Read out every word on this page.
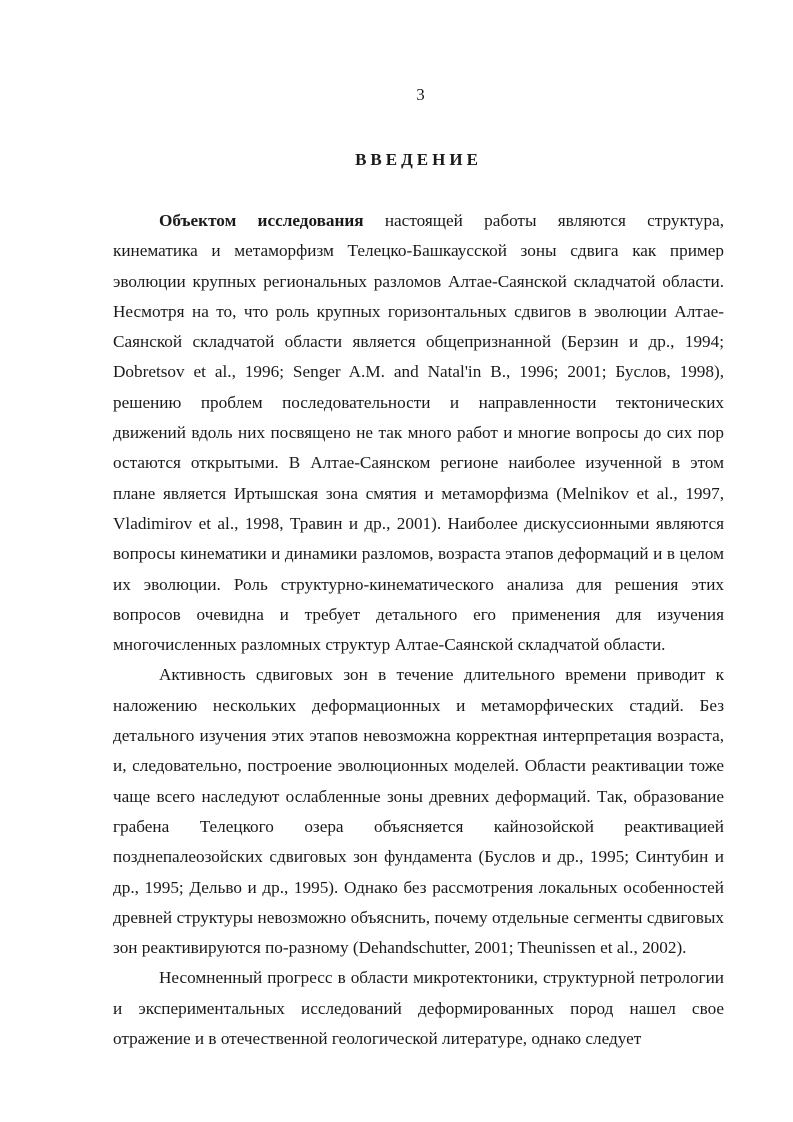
3
ВВЕДЕНИЕ

Объектом исследования настоящей работы являются структура, кинематика и метаморфизм Телецко-Башкаусской зоны сдвига как пример эволюции крупных региональных разломов Алтае-Саянской складчатой области. Несмотря на то, что роль крупных горизонтальных сдвигов в эволюции Алтае-Саянской складчатой области является общепризнанной (Берзин и др., 1994; Dobretsov et al., 1996; Senger A.M. and Natal'in B., 1996; 2001; Буслов, 1998), решению проблем последовательности и направленности тектонических движений вдоль них посвящено не так много работ и многие вопросы до сих пор остаются открытыми. В Алтае-Саянском регионе наиболее изученной в этом плане является Иртышская зона смятия и метаморфизма (Melnikov et al., 1997, Vladimirov et al., 1998, Травин и др., 2001). Наиболее дискуссионными являются вопросы кинематики и динамики разломов, возраста этапов деформаций и в целом их эволюции. Роль структурно-кинематического анализа для решения этих вопросов очевидна и требует детального его применения для изучения многочисленных разломных структур Алтае-Саянской складчатой области.

Активность сдвиговых зон в течение длительного времени приводит к наложению нескольких деформационных и метаморфических стадий. Без детального изучения этих этапов невозможна корректная интерпретация возраста, и, следовательно, построение эволюционных моделей. Области реактивации тоже чаще всего наследуют ослабленные зоны древних деформаций. Так, образование грабена Телецкого озера объясняется кайнозойской реактивацией позднепалеозойских сдвиговых зон фундамента (Буслов и др., 1995; Синтубин и др., 1995; Дельво и др., 1995). Однако без рассмотрения локальных особенностей древней структуры невозможно объяснить, почему отдельные сегменты сдвиговых зон реактивируются по-разному (Dehandschutter, 2001; Theunissen et al., 2002).

Несомненный прогресс в области микротектоники, структурной петрологии и экспериментальных исследований деформированных пород нашел свое отражение и в отечественной геологической литературе, однако следует
